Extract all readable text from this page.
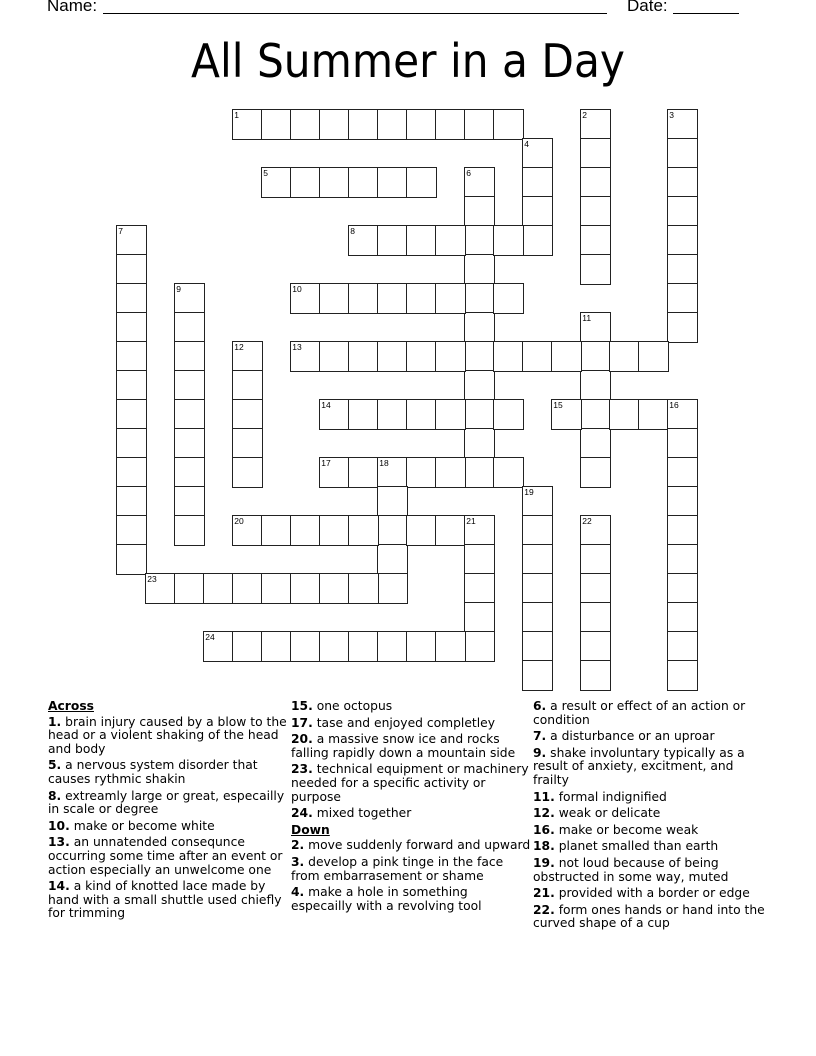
Name:	Date:
All Summer in a Day
1	2	3
4
5	6
7	8
9	10
11
12	13
14	15	16
17	18
19
20	21	22
23
24
Across
1. brain injury caused by a blow to the head or a violent shaking of the head and body
5. a nervous system disorder that causes rythmic shakin
8. extreamly large or great, especailly in scale or degree
10. make or become white
13. an unnatended consequnce occurring some time after an event or action especially an unwelcome one
14. a kind of knotted lace made by hand with a small shuttle used chiefly for trimming
15. one octopus
17. tase and enjoyed completley
20. a massive snow ice and rocks falling rapidly down a mountain side
23. technical equipment or machinery needed for a specific activity or purpose
24. mixed together
Down
2. move suddenly forward and upward
3. develop a pink tinge in the face from embarrasement or shame
4. make a hole in something especailly with a revolving tool
6. a result or effect of an action or condition
7. a disturbance or an uproar
9. shake involuntary typically as a result of anxiety, excitment, and frailty
11. formal indignified
12. weak or delicate
16. make or become weak
18. planet smalled than earth
19. not loud because of being obstructed in some way, muted
21. provided with a border or edge
22. form ones hands or hand into the curved shape of a cup
